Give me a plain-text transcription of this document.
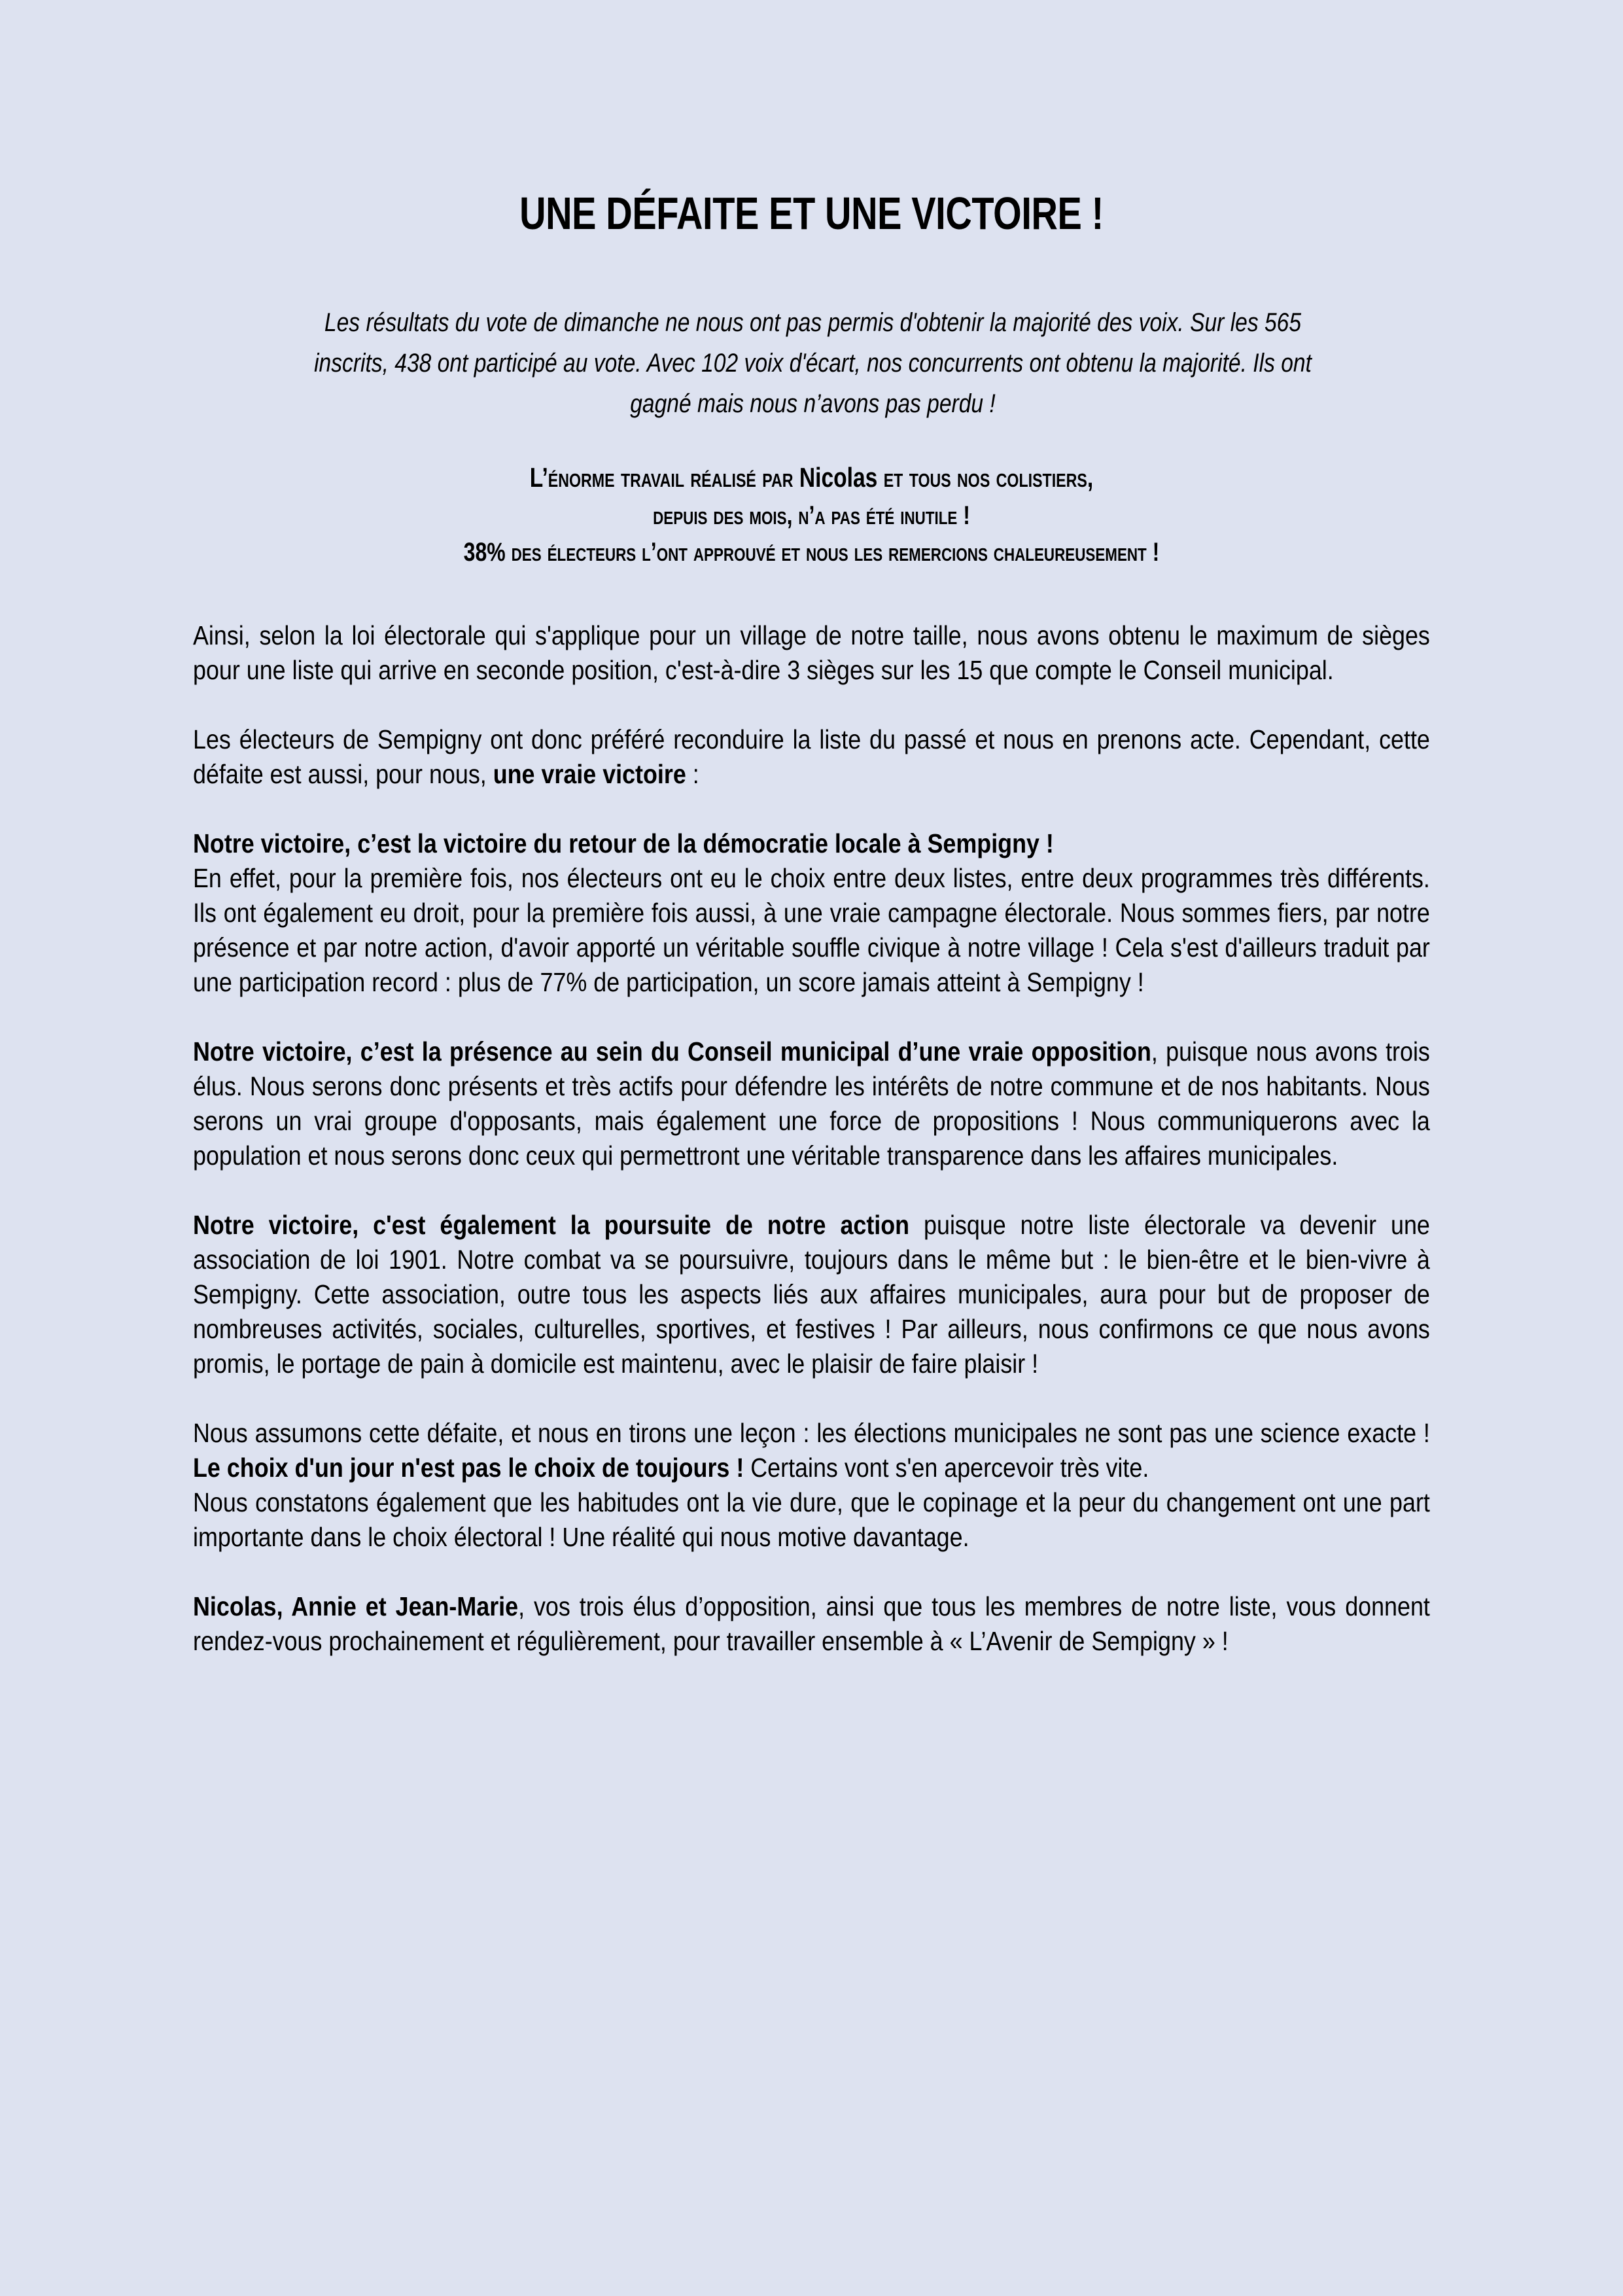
UNE DÉFAITE ET UNE VICTOIRE !

Les résultats du vote de dimanche ne nous ont pas permis d'obtenir la majorité des voix. Sur les 565 inscrits, 438 ont participé au vote. Avec 102 voix d'écart, nos concurrents ont obtenu la majorité. Ils ont gagné mais nous n’avons pas perdu !

L’énorme travail réalisé par Nicolas et tous nos colistiers,
depuis des mois, n’a pas été inutile !
38% des électeurs l’ont approuvé et nous les remercions chaleureusement !

Ainsi, selon la loi électorale qui s'applique pour un village de notre taille, nous avons obtenu le maximum de sièges pour une liste qui arrive en seconde position, c'est-à-dire 3 sièges sur les 15 que compte le Conseil municipal.

Les électeurs de Sempigny ont donc préféré reconduire la liste du passé et nous en prenons acte. Cependant, cette défaite est aussi, pour nous, une vraie victoire :

Notre victoire, c’est la victoire du retour de la démocratie locale à Sempigny !

En effet, pour la première fois, nos électeurs ont eu le choix entre deux listes, entre deux programmes très différents. Ils ont également eu droit, pour la première fois aussi, à une vraie campagne électorale. Nous sommes fiers, par notre présence et par notre action, d'avoir apporté un véritable souffle civique à notre village ! Cela s'est d'ailleurs traduit par une participation record : plus de 77% de participation, un score jamais atteint à Sempigny !

Notre victoire, c’est la présence au sein du Conseil municipal d’une vraie opposition, puisque nous avons trois élus. Nous serons donc présents et très actifs pour défendre les intérêts de notre commune et de nos habitants. Nous serons un vrai groupe d'opposants, mais également une force de propositions ! Nous communiquerons avec la population et nous serons donc ceux qui permettront une véritable transparence dans les affaires municipales.

Notre victoire, c'est également la poursuite de notre action puisque notre liste électorale va devenir une association de loi 1901. Notre combat va se poursuivre, toujours dans le même but : le bien-être et le bien-vivre à Sempigny. Cette association, outre tous les aspects liés aux affaires municipales, aura pour but de proposer de nombreuses activités, sociales, culturelles, sportives, et festives ! Par ailleurs, nous confirmons ce que nous avons promis, le portage de pain à domicile est maintenu, avec le plaisir de faire plaisir !

Nous assumons cette défaite, et nous en tirons une leçon : les élections municipales ne sont pas une science exacte ! Le choix d'un jour n'est pas le choix de toujours ! Certains vont s'en apercevoir très vite.

Nous constatons également que les habitudes ont la vie dure, que le copinage et la peur du changement ont une part importante dans le choix électoral ! Une réalité qui nous motive davantage.

Nicolas, Annie et Jean-Marie, vos trois élus d’opposition, ainsi que tous les membres de notre liste, vous donnent rendez-vous prochainement et régulièrement, pour travailler ensemble à « L’Avenir de Sempigny » !
